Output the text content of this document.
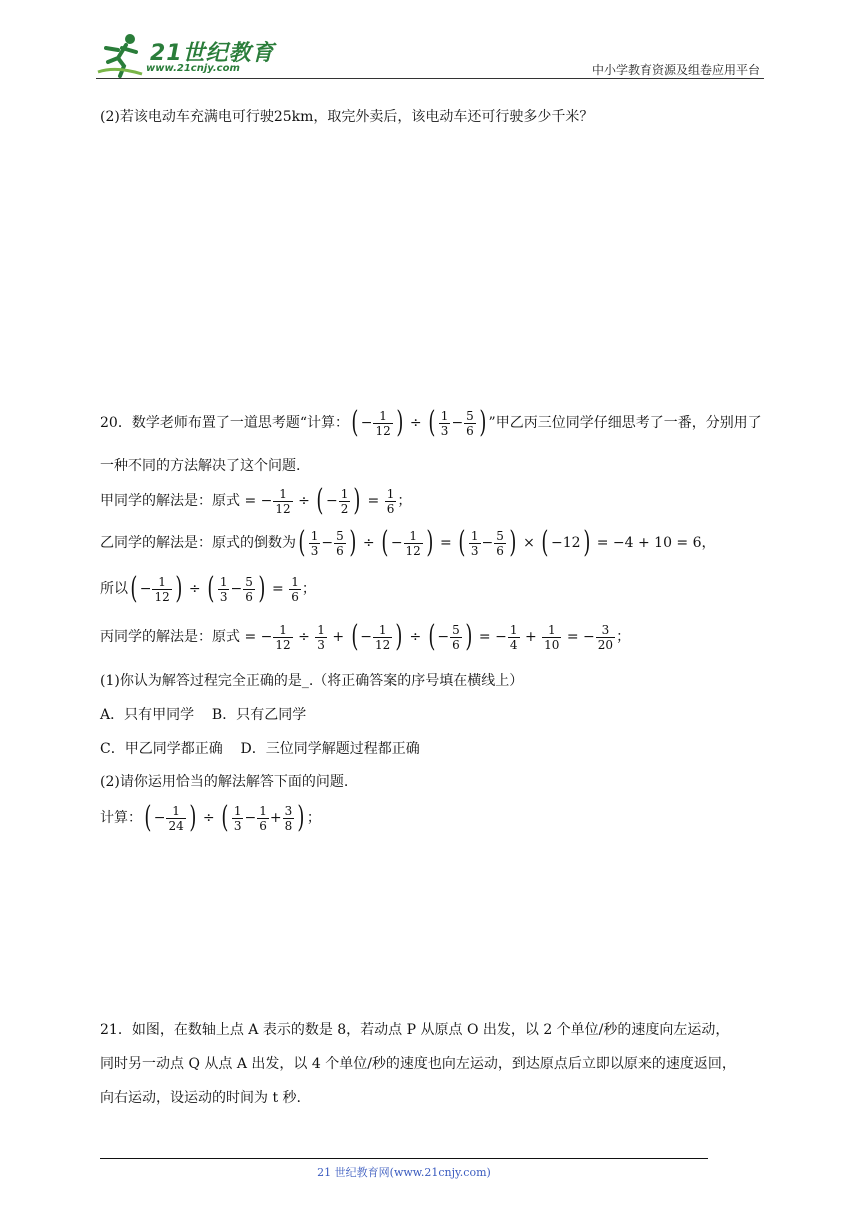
21世纪教育
www.21cnjy.com	中小学教育资源及组卷应用平台
(2)若该电动车充满电可行驶25km，取完外卖后，该电动车还可行驶多少千米？
20．数学老师布置了一道思考题“计算： ( − $\frac{1}{12}$ ) ÷ ( $\frac{1}{3} - \frac{5}{6}$ ) ”甲乙丙三位同学仔细思考了一番，分别用了
一种不同的方法解决了这个问题.
甲同学的解法是：原式 = − $\frac{1}{12}$ ÷ ( − $\frac{1}{2}$ ) = $\frac{1}{6}$ ；
乙同学的解法是：原式的倒数为 ( $\frac{1}{3} - \frac{5}{6}$ ) ÷ ( − $\frac{1}{12}$ ) = ( $\frac{1}{3} - \frac{5}{6}$ ) × ( −12 ) = −4 + 10 = 6，
所以 ( − $\frac{1}{12}$ ) ÷ ( $\frac{1}{3} - \frac{5}{6}$ ) = $\frac{1}{6}$ ；
丙同学的解法是：原式 = − $\frac{1}{12} \div \frac{1}{3}$ + ( − $\frac{1}{12}$ ) ÷ ( − $\frac{5}{6}$ ) = − $\frac{1}{4} + \frac{1}{10}$ = − $\frac{3}{20}$ ；
(1)你认为解答过程完全正确的是_.（将正确答案的序号填在横线上）
A．只有甲同学    B．只有乙同学
C．甲乙同学都正确    D．三位同学解题过程都正确
(2)请你运用恰当的解法解答下面的问题.
计算： ( − $\frac{1}{24}$ ) ÷ ( $\frac{1}{3} - \frac{1}{6} + \frac{3}{8}$ ) ；
21．如图，在数轴上点 A 表示的数是 8，若动点 P 从原点 O 出发，以 2 个单位/秒的速度向左运动，
同时另一动点 Q 从点 A 出发，以 4 个单位/秒的速度也向左运动，到达原点后立即以原来的速度返回，
向右运动，设运动的时间为 t 秒.
21 世纪教育网(www.21cnjy.com)
